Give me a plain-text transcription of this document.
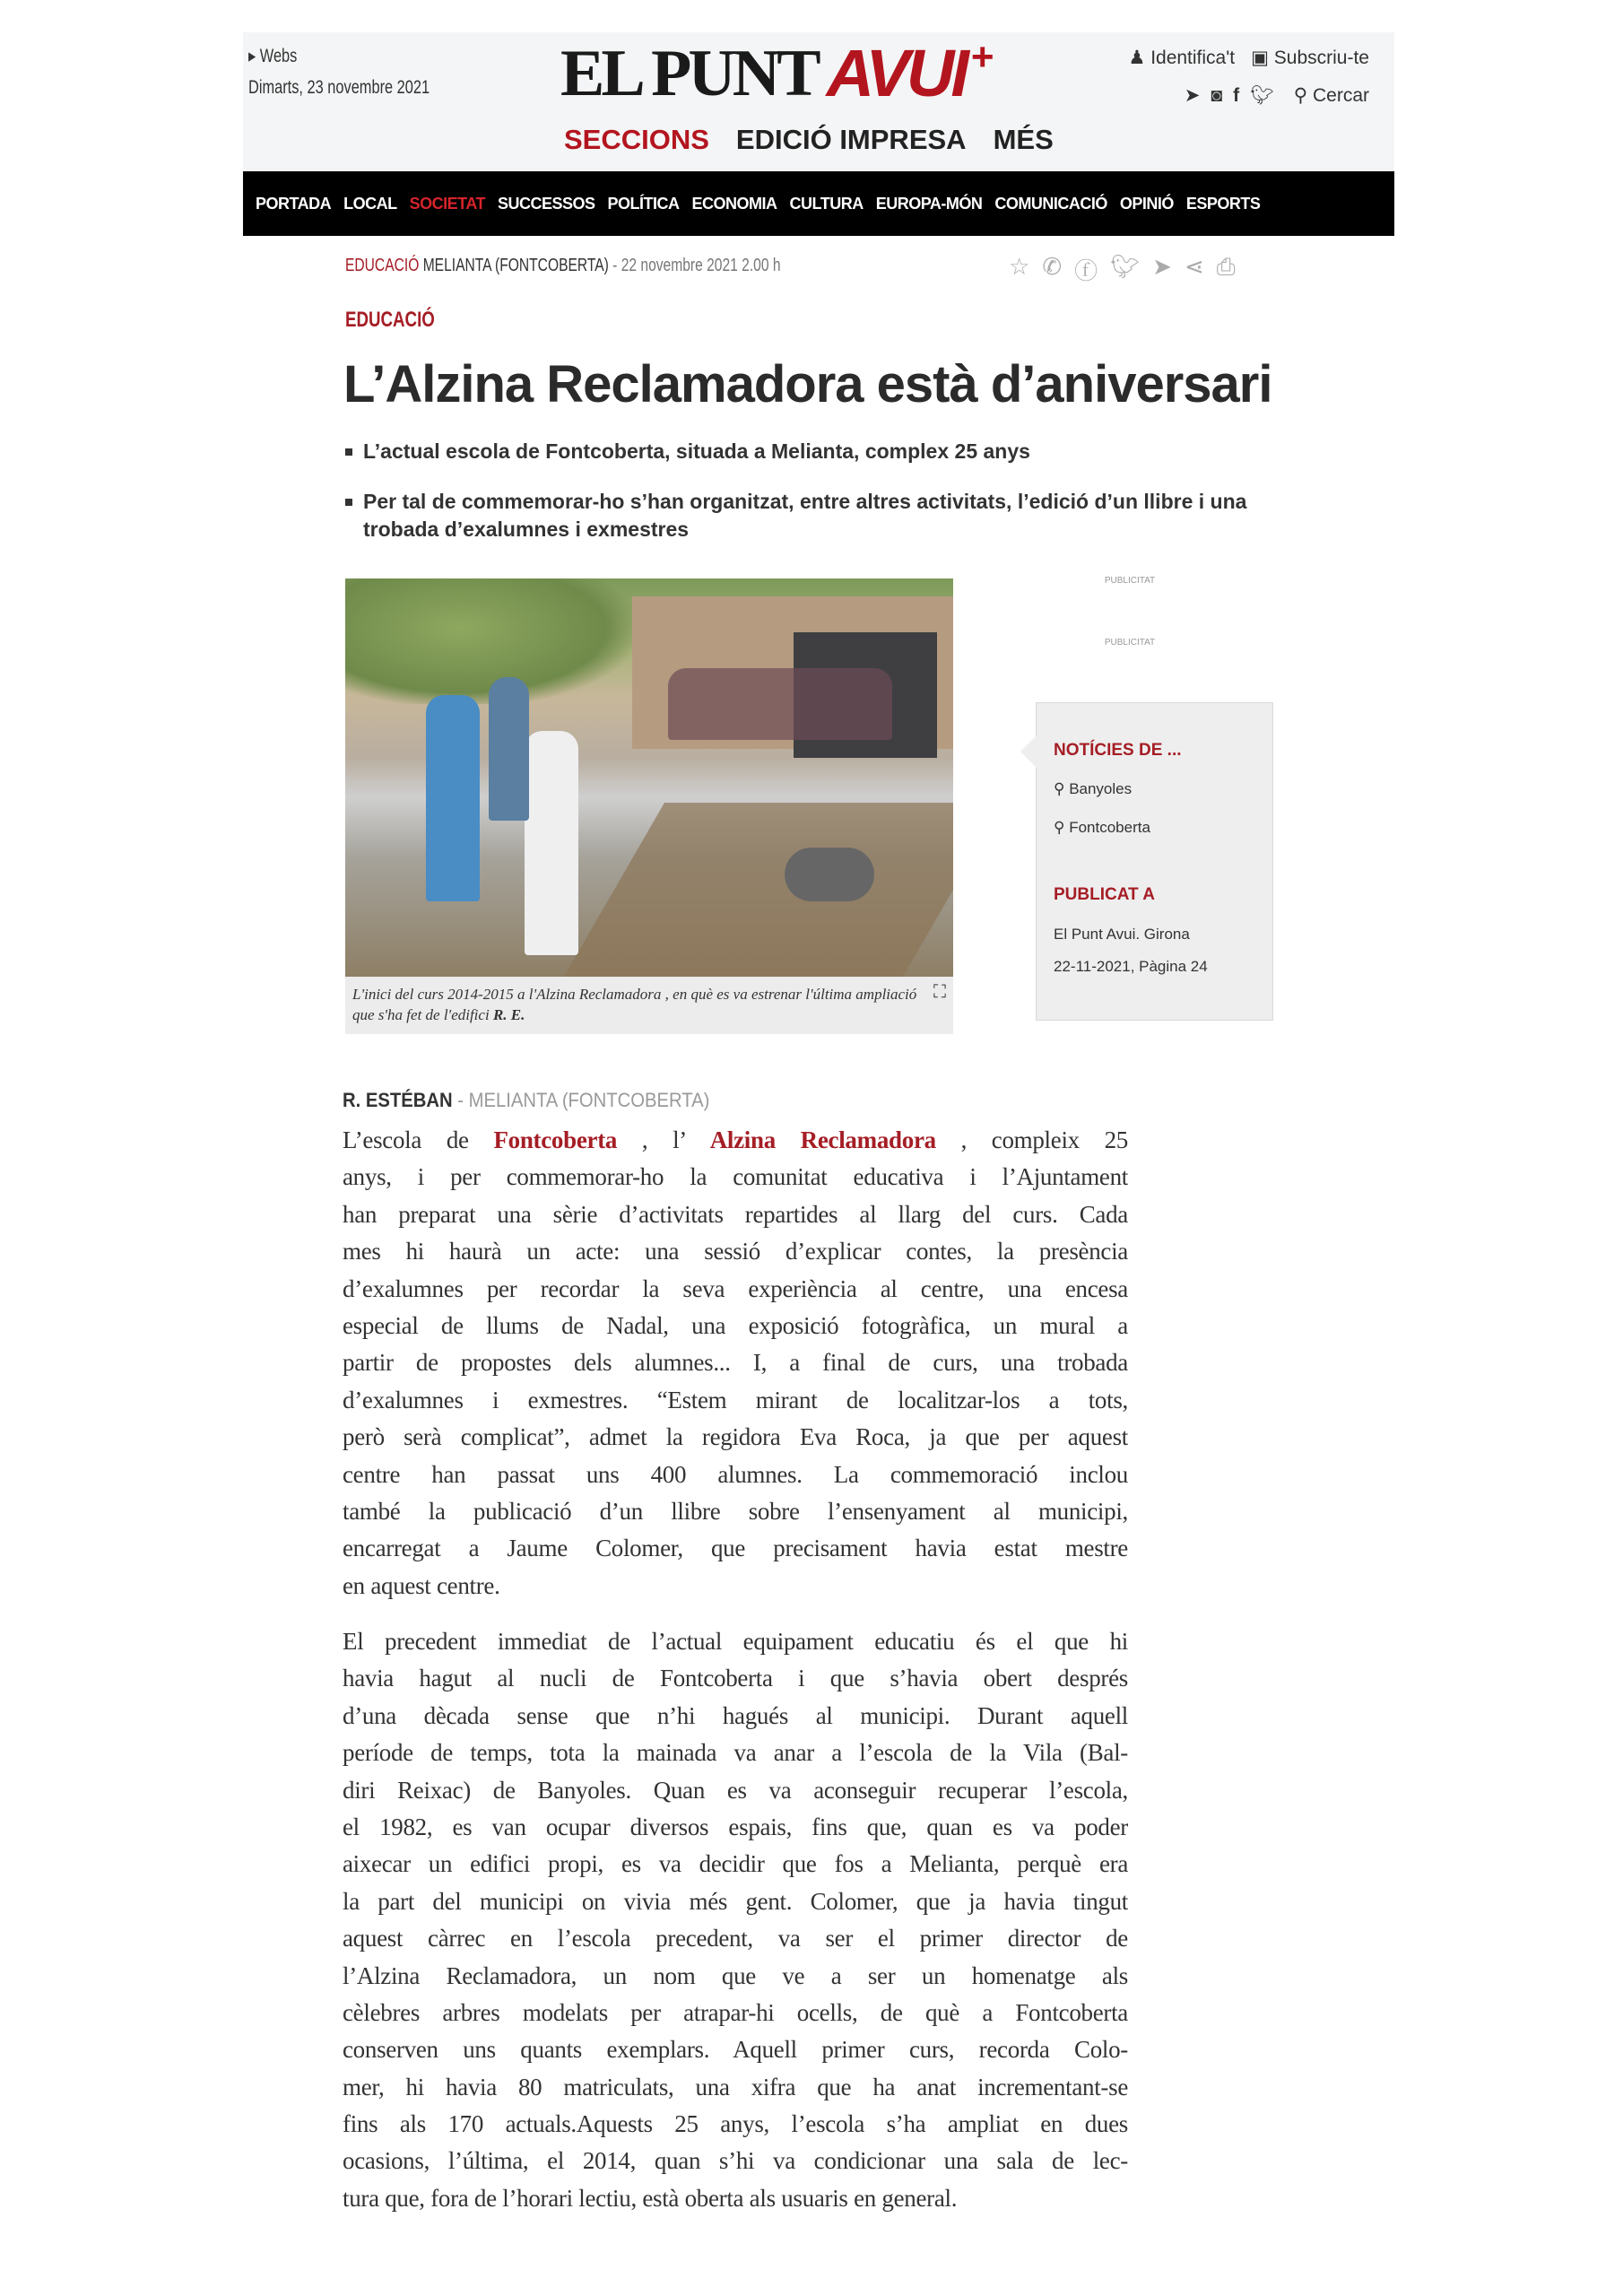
▸ Webs
Dimarts, 23 novembre 2021	EL PUNT AVUI +	♟ Identifica't ▣ Subscriu-te
➤ ◙ f 🐦︎ ⚲ Cercar
SECCIONS EDICIÓ IMPRESA MÉS
PORTADA LOCAL SOCIETAT SUCCESSOS POLÍTICA ECONOMIA CULTURA EUROPA-MÓN COMUNICACIÓ OPINIÓ ESPORTS
EDUCACIÓ MELIANTA (FONTCOBERTA) - 22 novembre 2021 2.00 h	☆ ✆ ⓕ 🐦︎ ➤ ⋖ ⎙
EDUCACIÓ
L’Alzina Reclamadora està d’aniversari
L’actual escola de Fontcoberta, situada a Melianta, complex 25 anys
Per tal de commemorar-ho s’han organitzat, entre altres activitats, l’edició d’un llibre i una trobada d’exalumnes i exmestres
L'inici del curs 2014-2015 a l'Alzina Reclamadora , en què es va estrenar l'última ampliació que s'ha fet de l'edifici R. E.
⛶
PUBLICITAT
PUBLICITAT
NOTÍCIES DE ...
⚲ Banyoles
⚲ Fontcoberta
PUBLICAT A
El Punt Avui. Girona
22-11-2021, Pàgina 24
R. ESTÉBAN - MELIANTA (FONTCOBERTA)
L’escola de Fontcoberta , l’ Alzina Reclamadora , compleix 25
anys, i per commemorar-ho la comunitat educativa i l’Ajuntament
han preparat una sèrie d’activitats repartides al llarg del curs. Cada
mes hi haurà un acte: una sessió d’explicar contes, la presència
d’exalumnes per recordar la seva experiència al centre, una encesa
especial de llums de Nadal, una exposició fotogràfica, un mural a
partir de propostes dels alumnes... I, a final de curs, una trobada
d’exalumnes i exmestres. “Estem mirant de localitzar-los a tots,
però serà complicat”, admet la regidora Eva Roca, ja que per aquest
centre han passat uns 400 alumnes. La commemoració inclou
també la publicació d’un llibre sobre l’ensenyament al municipi,
encarregat a Jaume Colomer, que precisament havia estat mestre
en aquest centre.
El precedent immediat de l’actual equipament educatiu és el que hi
havia hagut al nucli de Fontcoberta i que s’havia obert després
d’una dècada sense que n’hi hagués al municipi. Durant aquell
període de temps, tota la mainada va anar a l’escola de la Vila (Bal-
diri Reixac) de Banyoles. Quan es va aconseguir recuperar l’escola,
el 1982, es van ocupar diversos espais, fins que, quan es va poder
aixecar un edifici propi, es va decidir que fos a Melianta, perquè era
la part del municipi on vivia més gent. Colomer, que ja havia tingut
aquest càrrec en l’escola precedent, va ser el primer director de
l’Alzina Reclamadora, un nom que ve a ser un homenatge als
cèlebres arbres modelats per atrapar-hi ocells, de què a Fontcoberta
conserven uns quants exemplars. Aquell primer curs, recorda Colo-
mer, hi havia 80 matriculats, una xifra que ha anat incrementant-se
fins als 170 actuals.Aquests 25 anys, l’escola s’ha ampliat en dues
ocasions, l’última, el 2014, quan s’hi va condicionar una sala de lec-
tura que, fora de l’horari lectiu, està oberta als usuaris en general.
